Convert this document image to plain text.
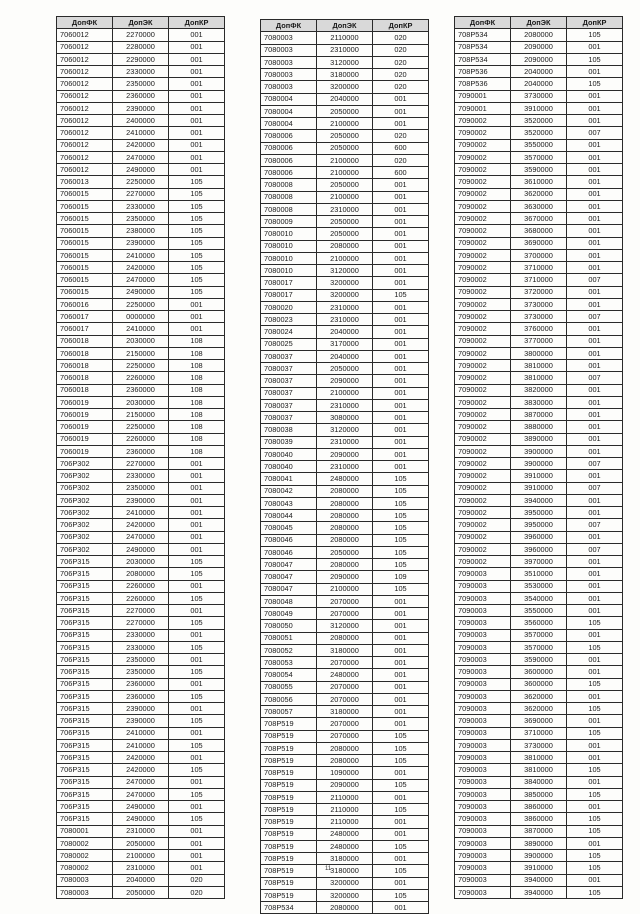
ДопФК	ДопЭК	ДопКР
7060012	2270000	001
7060012	2280000	001
7060012	2290000	001
7060012	2330000	001
7060012	2350000	001
7060012	2360000	001
7060012	2390000	001
7060012	2400000	001
7060012	2410000	001
7060012	2420000	001
7060012	2470000	001
7060012	2490000	001
7060013	2250000	105
7060015	2270000	105
7060015	2330000	105
7060015	2350000	105
7060015	2380000	105
7060015	2390000	105
7060015	2410000	105
7060015	2420000	105
7060015	2470000	105
7060015	2490000	105
7060016	2250000	001
7060017	0000000	001
7060017	2410000	001
7060018	2030000	108
7060018	2150000	108
7060018	2250000	108
7060018	2260000	108
7060018	2360000	108
7060019	2030000	108
7060019	2150000	108
7060019	2250000	108
7060019	2260000	108
7060019	2360000	108
706P302	2270000	001
706P302	2330000	001
706P302	2350000	001
706P302	2390000	001
706P302	2410000	001
706P302	2420000	001
706P302	2470000	001
706P302	2490000	001
706P315	2030000	105
706P315	2080000	105
706P315	2260000	001
706P315	2260000	105
706P315	2270000	001
706P315	2270000	105
706P315	2330000	001
706P315	2330000	105
706P315	2350000	001
706P315	2350000	105
706P315	2360000	001
706P315	2360000	105
706P315	2390000	001
706P315	2390000	105
706P315	2410000	001
706P315	2410000	105
706P315	2420000	001
706P315	2420000	105
706P315	2470000	001
706P315	2470000	105
706P315	2490000	001
706P315	2490000	105
7080001	2310000	001
7080002	2050000	001
7080002	2100000	001
7080002	2310000	001
7080003	2040000	020
7080003	2050000	020
ДопФК	ДопЭК	ДопКР
7080003	2110000	020
7080003	2310000	020
7080003	3120000	020
7080003	3180000	020
7080003	3200000	020
7080004	2040000	001
7080004	2050000	001
7080004	2100000	001
7080006	2050000	020
7080006	2050000	600
7080006	2100000	020
7080006	2100000	600
7080008	2050000	001
7080008	2100000	001
7080008	2310000	001
7080009	2050000	001
7080010	2050000	001
7080010	2080000	001
7080010	2100000	001
7080010	3120000	001
7080017	3200000	001
7080017	3200000	105
7080020	2310000	001
7080023	2310000	001
7080024	2040000	001
7080025	3170000	001
7080037	2040000	001
7080037	2050000	001
7080037	2090000	001
7080037	2100000	001
7080037	2310000	001
7080037	3080000	001
7080038	3120000	001
7080039	2310000	001
7080040	2090000	001
7080040	2310000	001
7080041	2480000	105
7080042	2080000	105
7080043	2080000	105
7080044	2080000	105
7080045	2080000	105
7080046	2080000	105
7080046	2050000	105
7080047	2080000	105
7080047	2090000	109
7080047	2100000	105
7080048	2070000	001
7080049	2070000	001
7080050	3120000	001
7080051	2080000	001
7080052	3180000	001
7080053	2070000	001
7080054	2480000	001
7080055	2070000	001
7080056	2070000	001
7080057	3180000	001
708P519	2070000	001
708P519	2070000	105
708P519	2080000	105
708P519	2080000	105
708P519	1090000	001
708P519	2090000	105
708P519	2110000	001
708P519	2110000	105
708P519	2110000	001
708P519	2480000	001
708P519	2480000	105
708P519	3180000	001
708P519	3180000	105
708P519	3200000	001
708P519	3200000	105
708P534	2080000	001
ДопФК	ДопЭК	ДопКР
708P534	2080000	105
708P534	2090000	001
708P534	2090000	105
708P536	2040000	001
708P536	2040000	105
7090001	3730000	001
7090001	3910000	001
7090002	3520000	001
7090002	3520000	007
7090002	3550000	001
7090002	3570000	001
7090002	3590000	001
7090002	3610000	001
7090002	3620000	001
7090002	3630000	001
7090002	3670000	001
7090002	3680000	001
7090002	3690000	001
7090002	3700000	001
7090002	3710000	001
7090002	3710000	007
7090002	3720000	001
7090002	3730000	001
7090002	3730000	007
7090002	3760000	001
7090002	3770000	001
7090002	3800000	001
7090002	3810000	001
7090002	3810000	007
7090002	3820000	001
7090002	3830000	001
7090002	3870000	001
7090002	3880000	001
7090002	3890000	001
7090002	3900000	001
7090002	3900000	007
7090002	3910000	001
7090002	3910000	007
7090002	3940000	001
7090002	3950000	001
7090002	3950000	007
7090002	3960000	001
7090002	3960000	007
7090002	3970000	001
7090003	3510000	001
7090003	3530000	001
7090003	3540000	001
7090003	3550000	001
7090003	3560000	105
7090003	3570000	001
7090003	3570000	105
7090003	3590000	001
7090003	3600000	001
7090003	3600000	105
7090003	3620000	001
7090003	3620000	105
7090003	3690000	001
7090003	3710000	105
7090003	3730000	001
7090003	3810000	001
7090003	3810000	105
7090003	3840000	001
7090003	3850000	105
7090003	3860000	001
7090003	3860000	105
7090003	3870000	105
7090003	3890000	001
7090003	3900000	105
7090003	3910000	105
7090003	3940000	001
7090003	3940000	105
11
